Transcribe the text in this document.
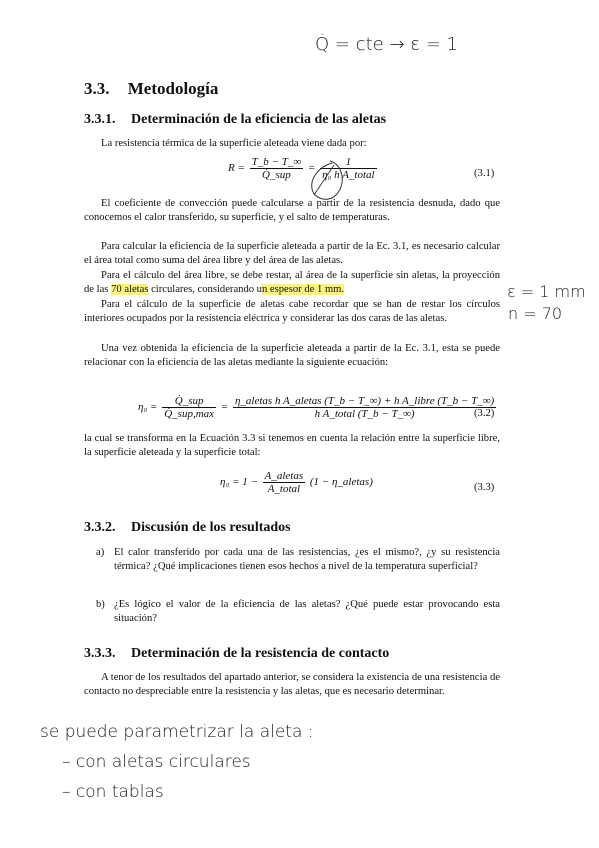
Q̇ = cte → ε = 1
3.3. Metodología
3.3.1. Determinación de la eficiencia de las aletas

La resistencia térmica de la superficie aleteada viene dada por:

$R = \frac{T\_b - T\_\infty}{\text{Q̇\_sup}} = \frac{1}{\text{η₀ h A\_total}}$	(3.1)

El coeficiente de convección puede calcularse a partir de la resistencia desnuda, dado que conocemos el calor transferido, su superficie, y el salto de temperaturas.

Para calcular la eficiencia de la superficie aleteada a partir de la Ec. 3.1, es necesario calcular el área total como suma del área libre y del área de las aletas.

Para el cálculo del área libre, se debe restar, al área de la superficie sin aletas, la proyección de las 70 aletas circulares, considerando un espesor de 1 mm.

Para el cálculo de la superficie de aletas cabe recordar que se han de restar los círculos interiores ocupados por la resistencia eléctrica y considerar las dos caras de las aletas.

ε = 1 mm
n = 70

Una vez obtenida la eficiencia de la superficie aleteada a partir de la Ec. 3.1, esta se puede relacionar con la eficiencia de las aletas mediante la siguiente ecuación:

$\eta_0 = \frac{\text{Q̇\_sup}}{\text{Q̇\_sup,max}} = \frac{\text{η\_aletas h A\_aletas (T\_b − T\_∞) + h A\_libre (T\_b − T\_∞)}}{\text{h A\_total (T\_b − T\_∞)}}$
(3.2)

la cual se transforma en la Ecuación 3.3 si tenemos en cuenta la relación entre la superficie libre, la superficie aleteada y la superficie total:

$\eta_0 = 1 - \frac{\text{A\_aletas}}{\text{A\_total}} (1$ − η_aletas)	(3.3)
3.3.2. Discusión de los resultados
a) El calor transferido por cada una de las resistencias, ¿es el mismo?, ¿y su resistencia térmica? ¿Qué implicaciones tienen esos hechos a nivel de la temperatura superficial?
b) ¿Es lógico el valor de la eficiencia de las aletas? ¿Qué puede estar provocando esta situación?
3.3.3. Determinación de la resistencia de contacto

A tenor de los resultados del apartado anterior, se considera la existencia de una resistencia de contacto no despreciable entre la resistencia y las aletas, que es necesario determinar.

se puede parametrizar la aleta :
– con aletas circulares
– con tablas
